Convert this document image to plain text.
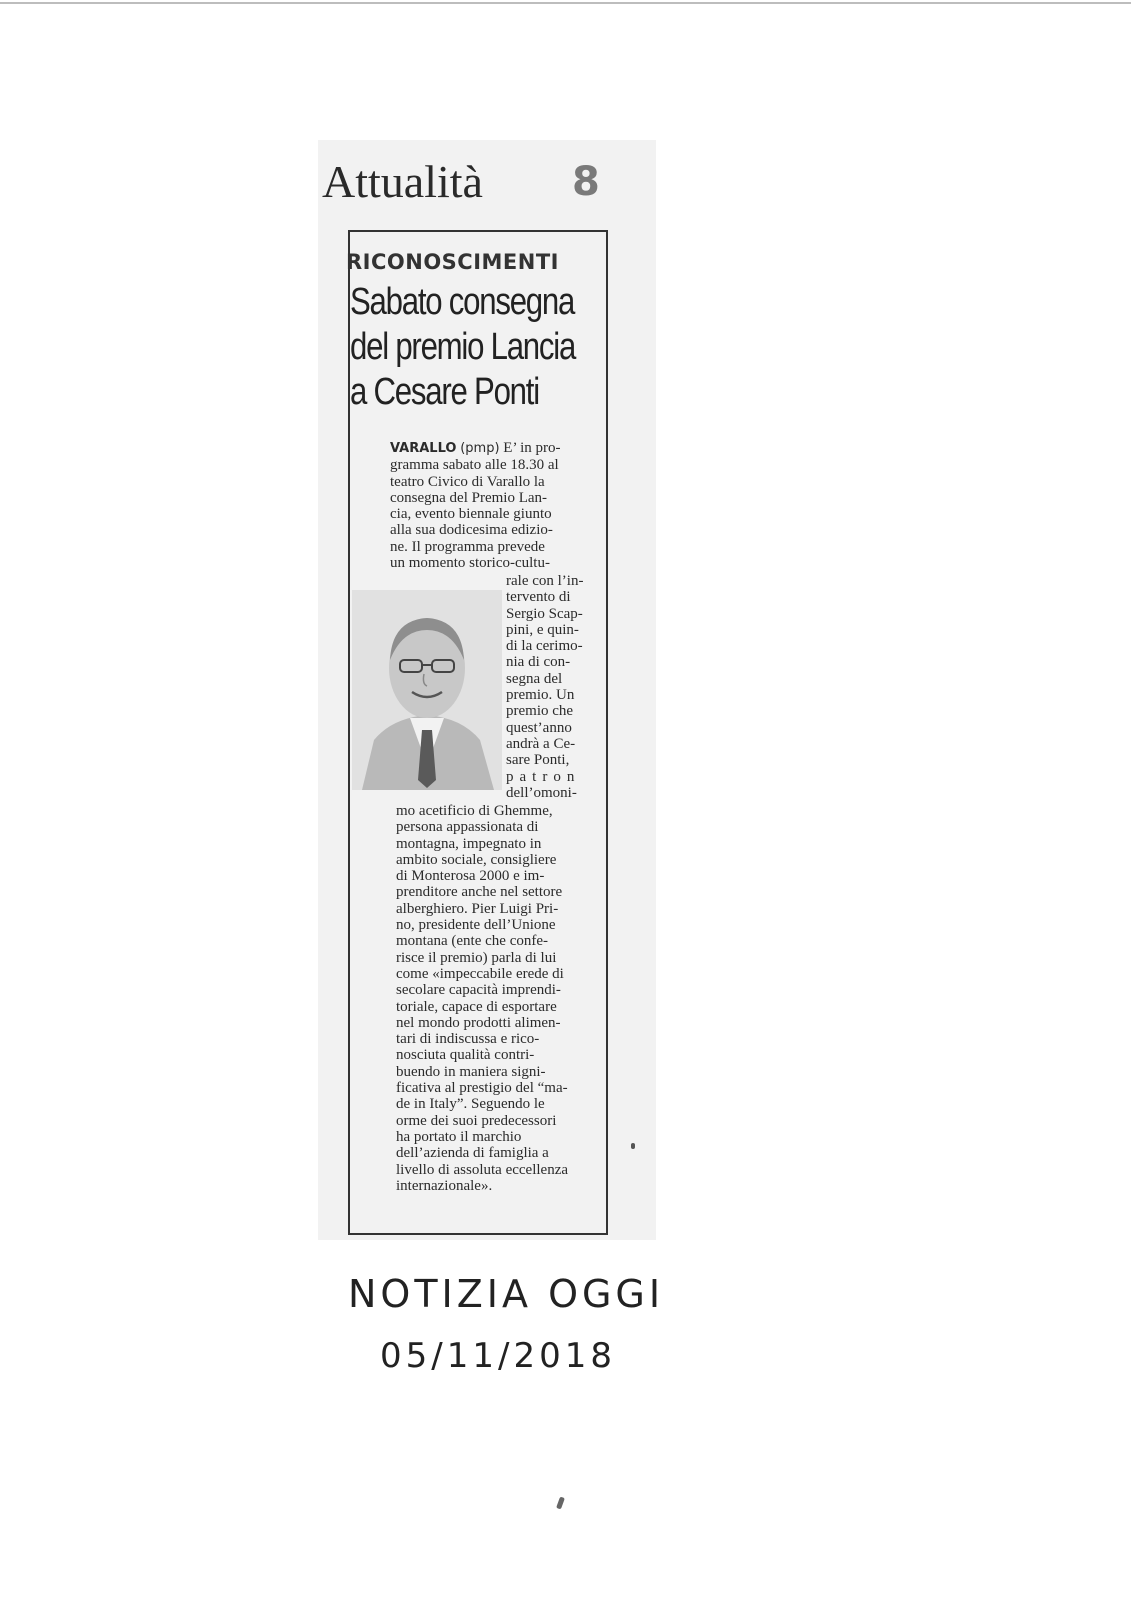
Attualità	8
RICONOSCIMENTI
Sabato consegna
del premio Lancia
a Cesare Ponti

VARALLO (pmp) E’ in pro-

gramma sabato alle 18.30 al

teatro Civico di Varallo la

consegna del Premio Lan-

cia, evento biennale giunto

alla sua dodicesima edizio-

ne. Il programma prevede

un momento storico-cultu-

rale con l’in-

tervento di

Sergio Scap-

pini, e quin-

di la cerimo-

nia di con-

segna del

premio. Un

premio che

quest’anno

andrà a Ce-

sare Ponti,

patron

dell’omoni-

mo acetificio di Ghemme,

persona appassionata di

montagna, impegnato in

ambito sociale, consigliere

di Monterosa 2000 e im-

prenditore anche nel settore

alberghiero. Pier Luigi Pri-

no, presidente dell’Unione

montana (ente che confe-

risce il premio) parla di lui

come «impeccabile erede di

secolare capacità imprendi-

toriale, capace di esportare

nel mondo prodotti alimen-

tari di indiscussa e rico-

nosciuta qualità contri-

buendo in maniera signi-

ficativa al prestigio del “ma-

de in Italy”. Seguendo le

orme dei suoi predecessori

ha portato il marchio

dell’azienda di famiglia a

livello di assoluta eccellenza

internazionale».

NOTIZIA OGGI
05/11/2018
